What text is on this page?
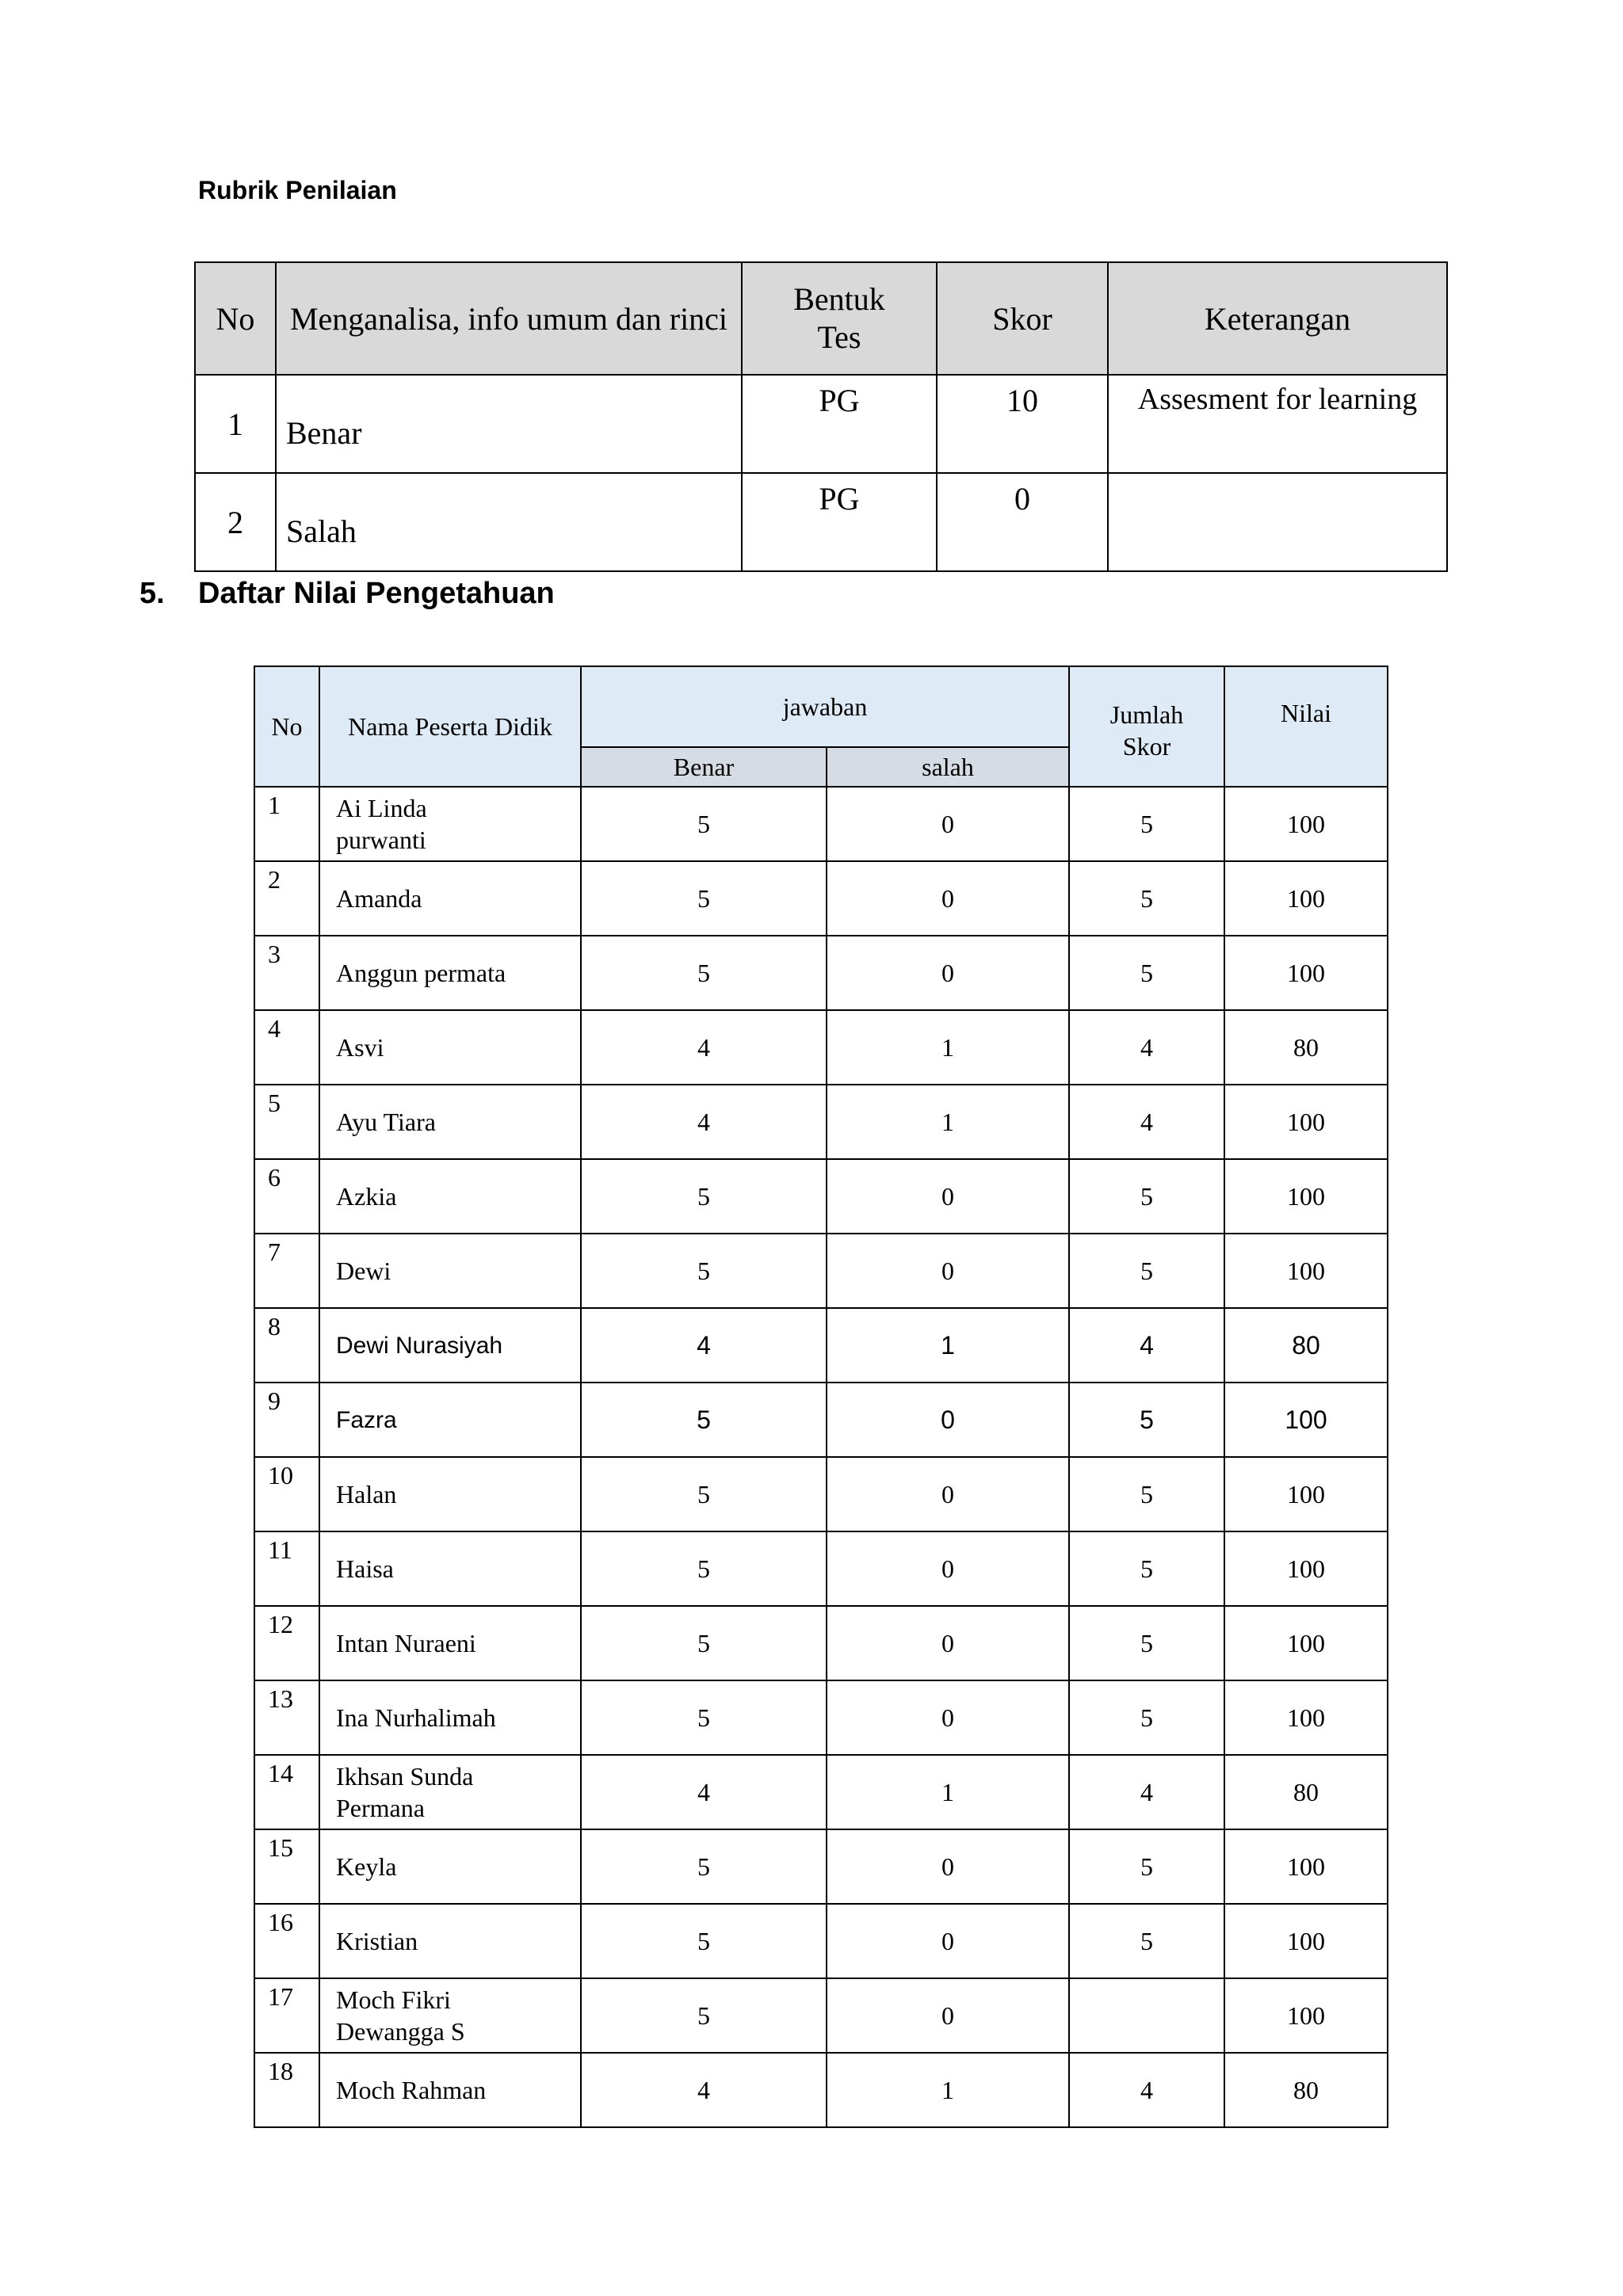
Rubrik Penilaian
No	Menganalisa, info umum dan rinci	Bentuk Tes	Skor	Keterangan
1	Benar	PG	10	Assesment for learning
2	Salah	PG	0	
5. Daftar Nilai Pengetahuan
No	Nama Peserta Didik	jawaban		Jumlah Skor	Nilai
		Benar	salah		
1	Ai Linda purwanti	5	0	5	100
2	Amanda	5	0	5	100
3	Anggun permata	5	0	5	100
4	Asvi	4	1	4	80
5	Ayu Tiara	4	1	4	100
6	Azkia	5	0	5	100
7	Dewi	5	0	5	100
8	Dewi Nurasiyah	4	1	4	80
9	Fazra	5	0	5	100
10	Halan	5	0	5	100
11	Haisa	5	0	5	100
12	Intan Nuraeni	5	0	5	100
13	Ina Nurhalimah	5	0	5	100
14	Ikhsan Sunda Permana	4	1	4	80
15	Keyla	5	0	5	100
16	Kristian	5	0	5	100
17	Moch Fikri Dewangga S	5	0		100
18	Moch Rahman	4	1	4	80
